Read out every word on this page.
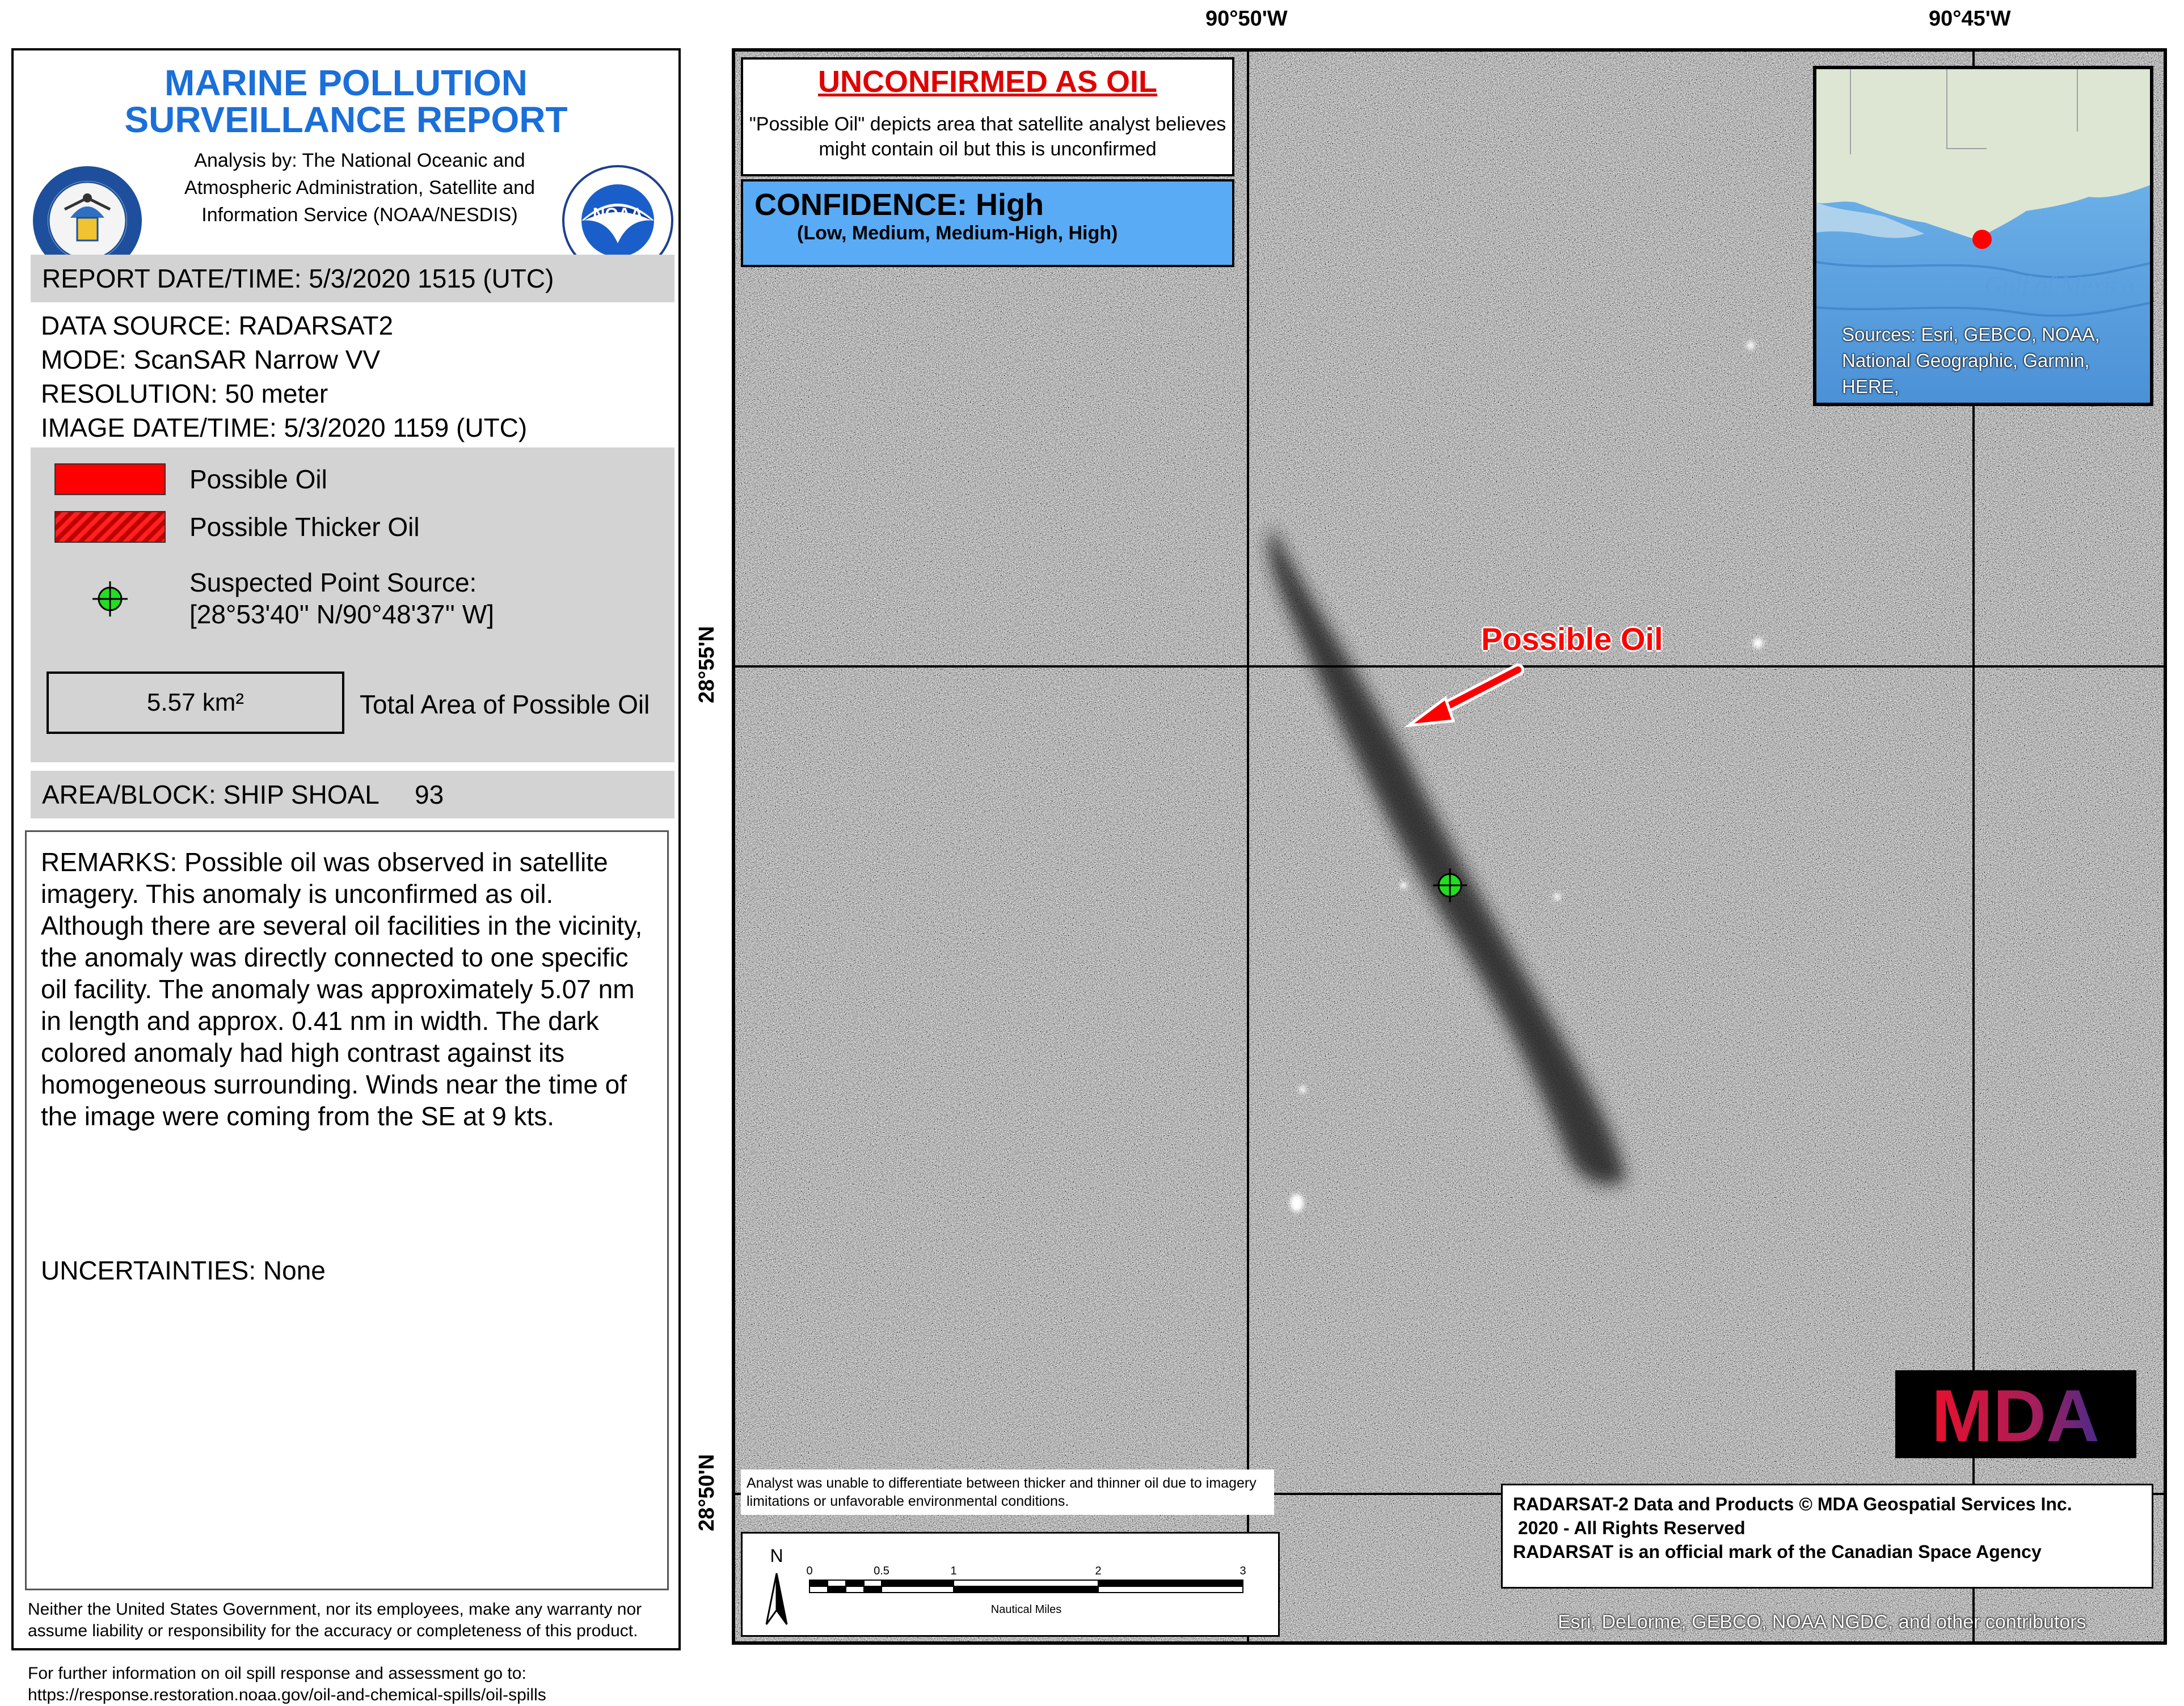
MARINE POLLUTION
SURVEILLANCE REPORT
Analysis by: The National Oceanic and Atmospheric Administration, Satellite and Information Service (NOAA/NESDIS)	NOAA
REPORT DATE/TIME: 5/3/2020 1515 (UTC)
DATA SOURCE: RADARSAT2
MODE: ScanSAR Narrow VV
RESOLUTION: 50 meter
IMAGE DATE/TIME: 5/3/2020 1159 (UTC)
Possible Oil
Possible Thicker Oil
Suspected Point Source:
[28°53'40'' N/90°48'37'' W]
5.57 km²	Total Area of Possible Oil
AREA/BLOCK: SHIP SHOAL     93
REMARKS: Possible oil was observed in satellite imagery. This anomaly is unconfirmed as oil. Although there are several oil facilities in the vicinity, the anomaly was directly connected to one specific oil facility. The anomaly was approximately 5.07 nm in length and approx. 0.41 nm in width. The dark colored anomaly had high contrast against its homogeneous surrounding. Winds near the time of the image were coming from the SE at 9 kts.
UNCERTAINTIES: None
Neither the United States Government, nor its employees, make any warranty nor assume liability or responsibility for the accuracy or completeness of this product.
For further information on oil spill response and assessment go to: https://response.restoration.noaa.gov/oil-and-chemical-spills/oil-spills
90°50'W	90°45'W
28°55'N
28°50'N
UNCONFIRMED AS OIL
"Possible Oil" depicts area that satellite analyst believes might contain oil but this is unconfirmed
CONFIDENCE: High
(Low, Medium, Medium-High, High)
Gulf of Mexico
Sources: Esri, GEBCO, NOAA, National Geographic, Garmin, HERE,
Possible Oil
MDA
Analyst was unable to differentiate between thicker and thinner oil due to imagery limitations or unfavorable environmental conditions.
N
0	0.5	1	2	3
Nautical Miles
RADARSAT-2 Data and Products © MDA Geospatial Services Inc.
2020 - All Rights Reserved
RADARSAT is an official mark of the Canadian Space Agency
Esri, DeLorme, GEBCO, NOAA NGDC, and other contributors
